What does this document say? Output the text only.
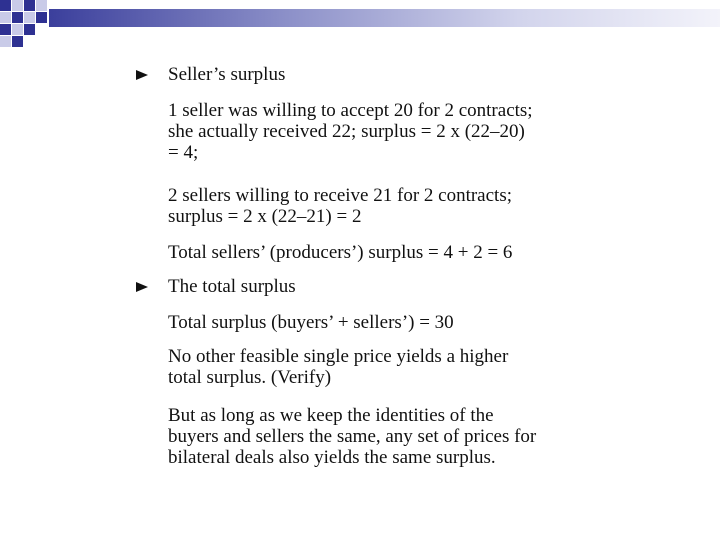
Seller’s surplus
1 seller was willing to accept 20 for 2 contracts;
she actually received 22; surplus = 2 x (22–20)
= 4;
2 sellers willing to receive 21 for 2 contracts;
surplus = 2 x (22–21) = 2
Total sellers’ (producers’) surplus = 4 + 2 = 6
The total surplus
Total surplus (buyers’ + sellers’) = 30
No other feasible single price yields a higher
total surplus. (Verify)
But as long as we keep the identities of the
buyers and sellers the same, any set of prices for
bilateral deals also yields the same surplus.
